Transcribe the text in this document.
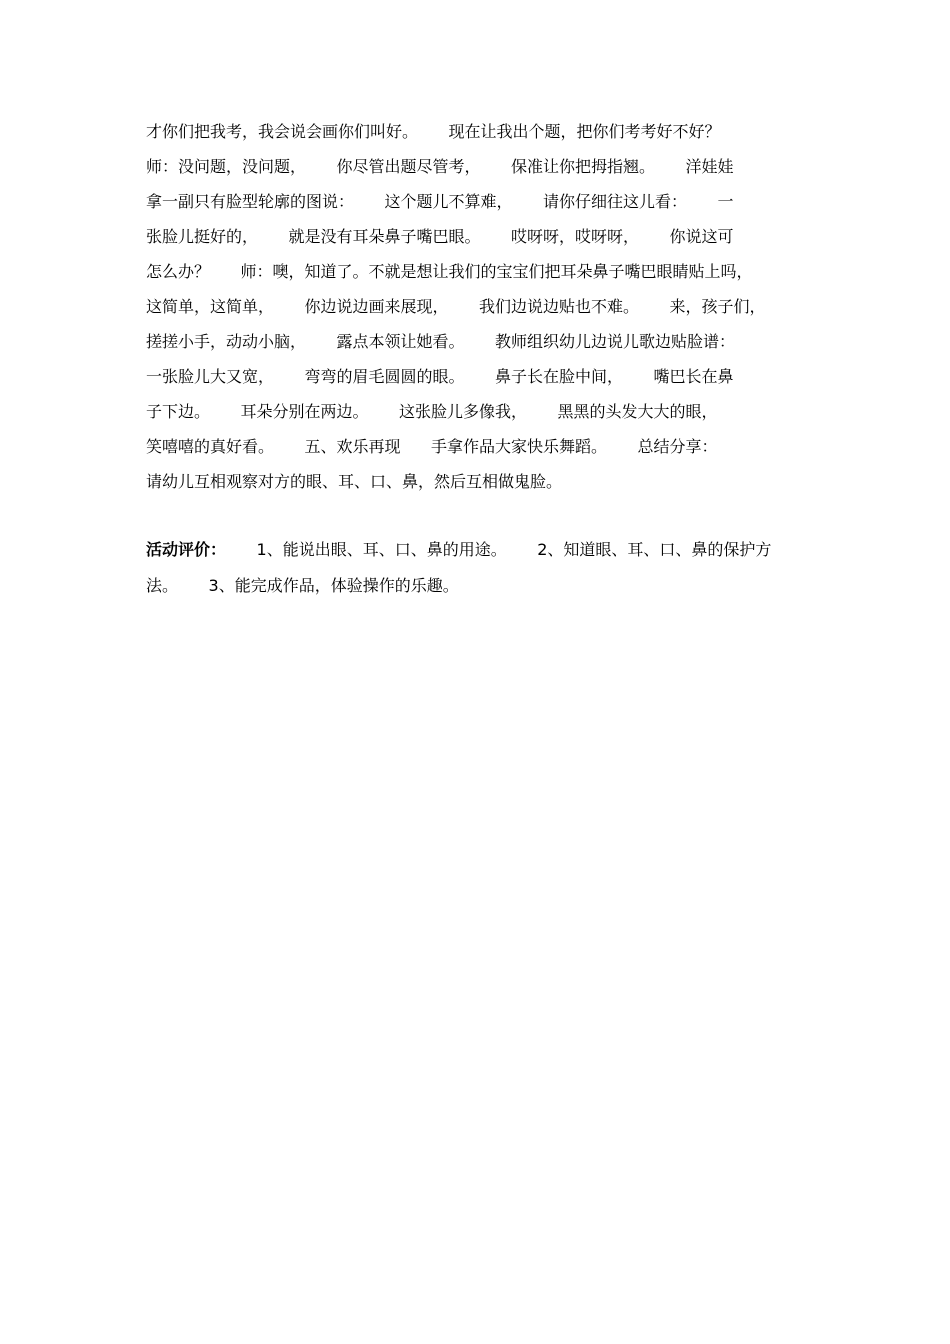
才你们把我考，我会说会画你们叫好。      现在让我出个题，把你们考考好不好？
师：没问题，没问题，      你尽管出题尽管考，      保准让你把拇指翘。      洋娃娃
拿一副只有脸型轮廓的图说：      这个题儿不算难，      请你仔细往这儿看：      一
张脸儿挺好的，      就是没有耳朵鼻子嘴巴眼。      哎呀呀，哎呀呀，      你说这可
怎么办？      师：噢，知道了。不就是想让我们的宝宝们把耳朵鼻子嘴巴眼睛贴上吗，
这简单，这简单，      你边说边画来展现，      我们边说边贴也不难。      来，孩子们，
搓搓小手，动动小脑，      露点本领让她看。      教师组织幼儿边说儿歌边贴脸谱：
一张脸儿大又宽，      弯弯的眉毛圆圆的眼。      鼻子长在脸中间，      嘴巴长在鼻
子下边。      耳朵分别在两边。      这张脸儿多像我，      黑黑的头发大大的眼，
笑嘻嘻的真好看。      五、欢乐再现      手拿作品大家快乐舞蹈。      总结分享：
请幼儿互相观察对方的眼、耳、口、鼻，然后互相做鬼脸。
活动评价：      1、能说出眼、耳、口、鼻的用途。      2、知道眼、耳、口、鼻的保护方
法。      3、能完成作品，体验操作的乐趣。
